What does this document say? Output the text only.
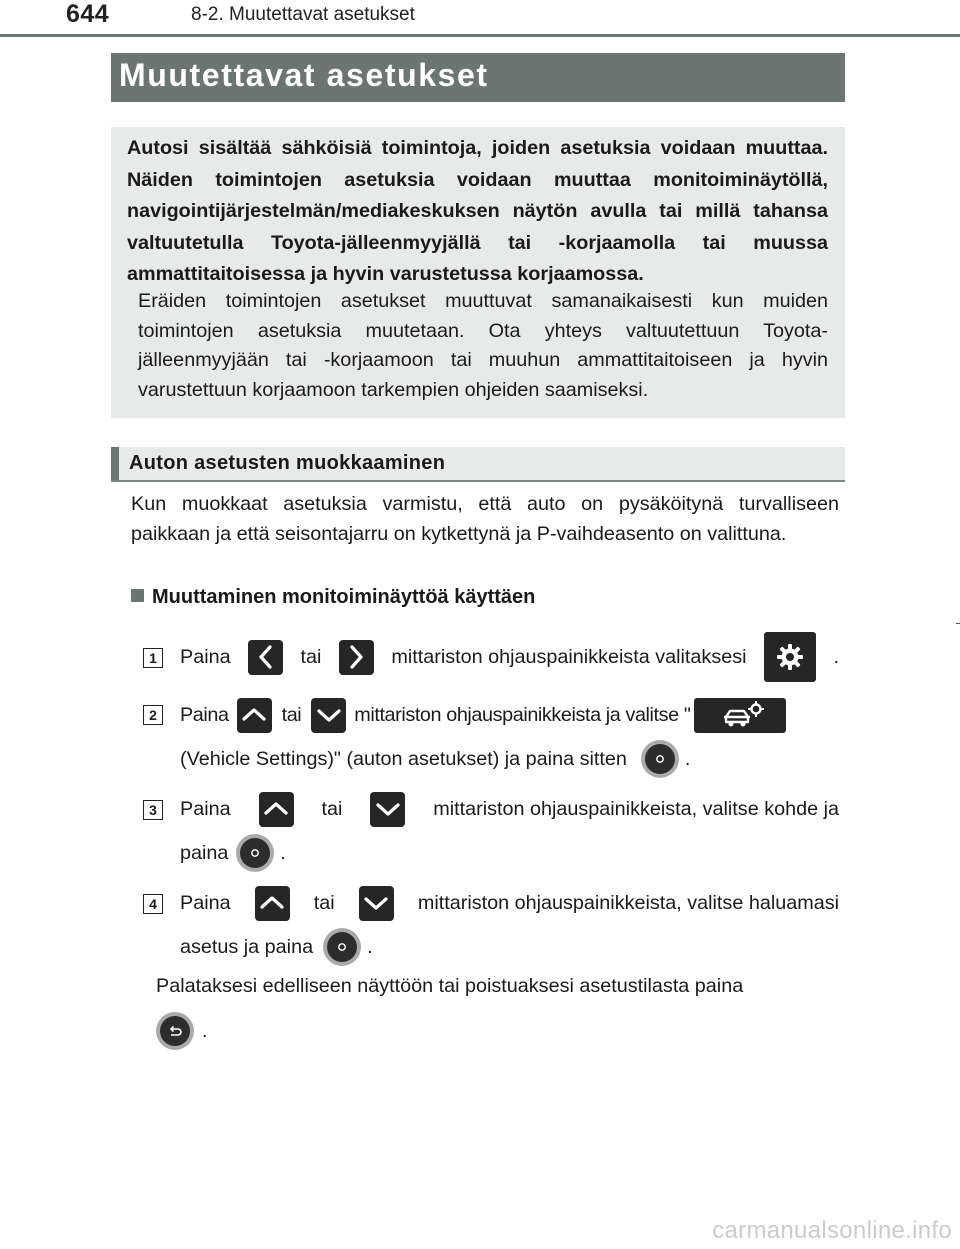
644	8-2. Muutettavat asetukset
Muutettavat asetukset
Autosi sisältää sähköisiä toimintoja, joiden asetuksia voidaan muuttaa. Näiden toimintojen asetuksia voidaan muuttaa monitoiminäytöllä, navigointijärjestelmän/mediakeskuksen näytön avulla tai millä tahansa valtuutetulla Toyota-jälleenmyyjällä tai -korjaamolla tai muussa ammattitaitoisessa ja hyvin varustetussa korjaamossa.
Eräiden toimintojen asetukset muuttuvat samanaikaisesti kun muiden toimintojen asetuksia muutetaan. Ota yhteys valtuutettuun Toyota-jälleenmyyjään tai -korjaamoon tai muuhun ammattitaitoiseen ja hyvin varustettuun korjaamoon tarkempien ohjeiden saamiseksi.
Auton asetusten muokkaaminen
Kun muokkaat asetuksia varmistu, että auto on pysäköitynä turvalliseen paikkaan ja että seisontajarru on kytkettynä ja P-vaihdeasento on valittuna.
Muuttaminen monitoiminäyttöä käyttäen
1	Paina	tai	mittariston ohjauspainikkeista valitaksesi	.
2	Paina	tai	mittariston ohjauspainikkeista ja valitse "
(Vehicle Settings)" (auton asetukset) ja paina sitten	.
3	Paina	tai	mittariston ohjauspainikkeista, valitse kohde ja
paina	.
4	Paina	tai	mittariston ohjauspainikkeista, valitse haluamasi
asetus ja paina	.
Palataksesi edelliseen näyttöön tai poistuaksesi asetustilasta paina
.
carmanualsonline.info
